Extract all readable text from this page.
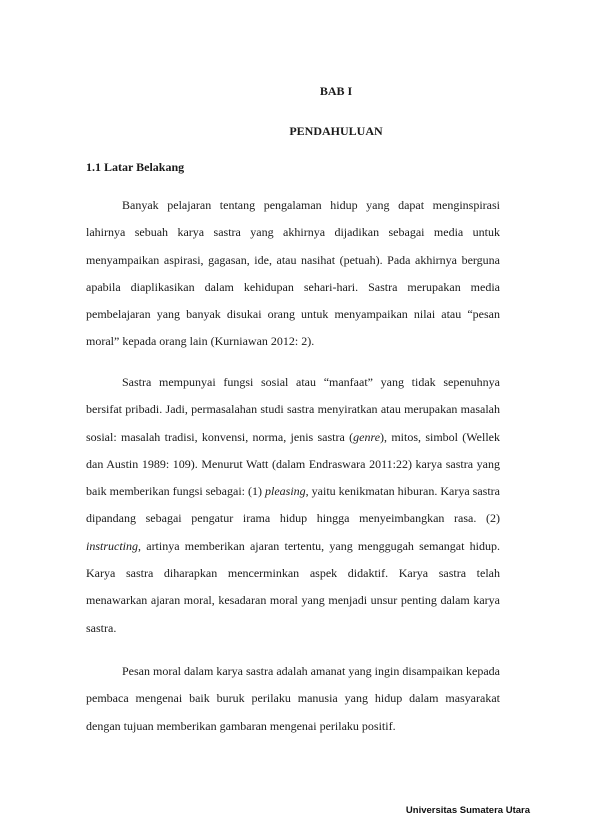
BAB I

PENDAHULUAN

1.1 Latar Belakang

Banyak pelajaran tentang pengalaman hidup yang dapat menginspirasi lahirnya sebuah karya sastra yang akhirnya dijadikan sebagai media untuk menyampaikan aspirasi, gagasan, ide, atau nasihat (petuah). Pada akhirnya berguna apabila diaplikasikan dalam kehidupan sehari-hari. Sastra merupakan media pembelajaran yang banyak disukai orang untuk menyampaikan nilai atau “pesan moral” kepada orang lain (Kurniawan 2012: 2).

Sastra mempunyai fungsi sosial atau “manfaat” yang tidak sepenuhnya bersifat pribadi. Jadi, permasalahan studi sastra menyiratkan atau merupakan masalah sosial: masalah tradisi, konvensi, norma, jenis sastra (genre), mitos, simbol (Wellek dan Austin 1989: 109). Menurut Watt (dalam Endraswara 2011:22) karya sastra yang baik memberikan fungsi sebagai: (1) pleasing, yaitu kenikmatan hiburan. Karya sastra dipandang sebagai pengatur irama hidup hingga menyeimbangkan rasa. (2) instructing, artinya memberikan ajaran tertentu, yang menggugah semangat hidup. Karya sastra diharapkan mencerminkan aspek didaktif. Karya sastra telah menawarkan ajaran moral, kesadaran moral yang menjadi unsur penting dalam karya sastra.

Pesan moral dalam karya sastra adalah amanat yang ingin disampaikan kepada pembaca mengenai baik buruk perilaku manusia yang hidup dalam masyarakat dengan tujuan memberikan gambaran mengenai perilaku positif.

Universitas Sumatera Utara
